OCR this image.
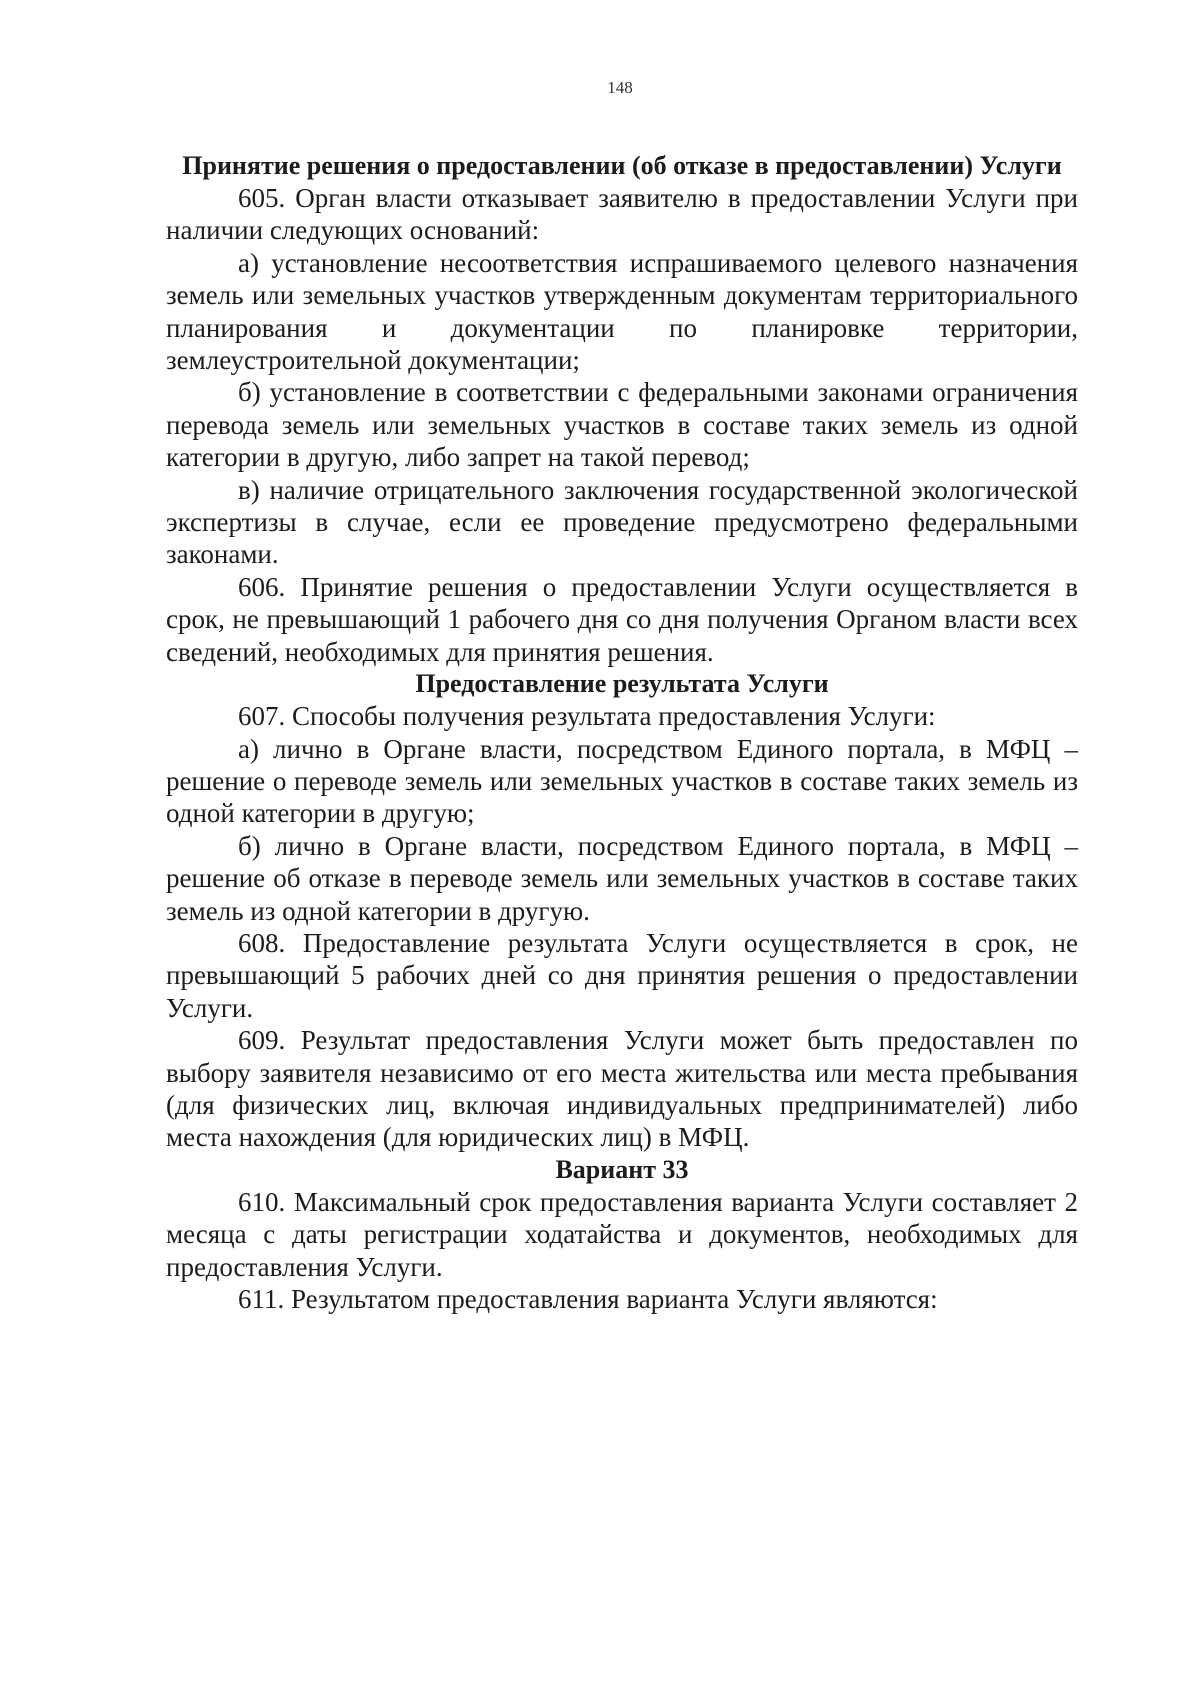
148
Принятие решения о предоставлении (об отказе в предоставлении) Услуги

605. Орган власти отказывает заявителю в предоставлении Услуги при наличии следующих оснований:

а) установление несоответствия испрашиваемого целевого назначения земель или земельных участков утвержденным документам территориального планирования и документации по планировке территории, землеустроительной документации;

б) установление в соответствии с федеральными законами ограничения перевода земель или земельных участков в составе таких земель из одной категории в другую, либо запрет на такой перевод;

в) наличие отрицательного заключения государственной экологической экспертизы в случае, если ее проведение предусмотрено федеральными законами.

606. Принятие решения о предоставлении Услуги осуществляется в срок, не превышающий 1 рабочего дня со дня получения Органом власти всех сведений, необходимых для принятия решения.

Предоставление результата Услуги

607. Способы получения результата предоставления Услуги:

а) лично в Органе власти, посредством Единого портала, в МФЦ – решение о переводе земель или земельных участков в составе таких земель из одной категории в другую;

б) лично в Органе власти, посредством Единого портала, в МФЦ – решение об отказе в переводе земель или земельных участков в составе таких земель из одной категории в другую.

608. Предоставление результата Услуги осуществляется в срок, не превышающий 5 рабочих дней со дня принятия решения о предоставлении Услуги.

609. Результат предоставления Услуги может быть предоставлен по выбору заявителя независимо от его места жительства или места пребывания (для физических лиц, включая индивидуальных предпринимателей) либо места нахождения (для юридических лиц) в МФЦ.

Вариант 33

610. Максимальный срок предоставления варианта Услуги составляет 2 месяца с даты регистрации ходатайства и документов, необходимых для предоставления Услуги.

611. Результатом предоставления варианта Услуги являются:
